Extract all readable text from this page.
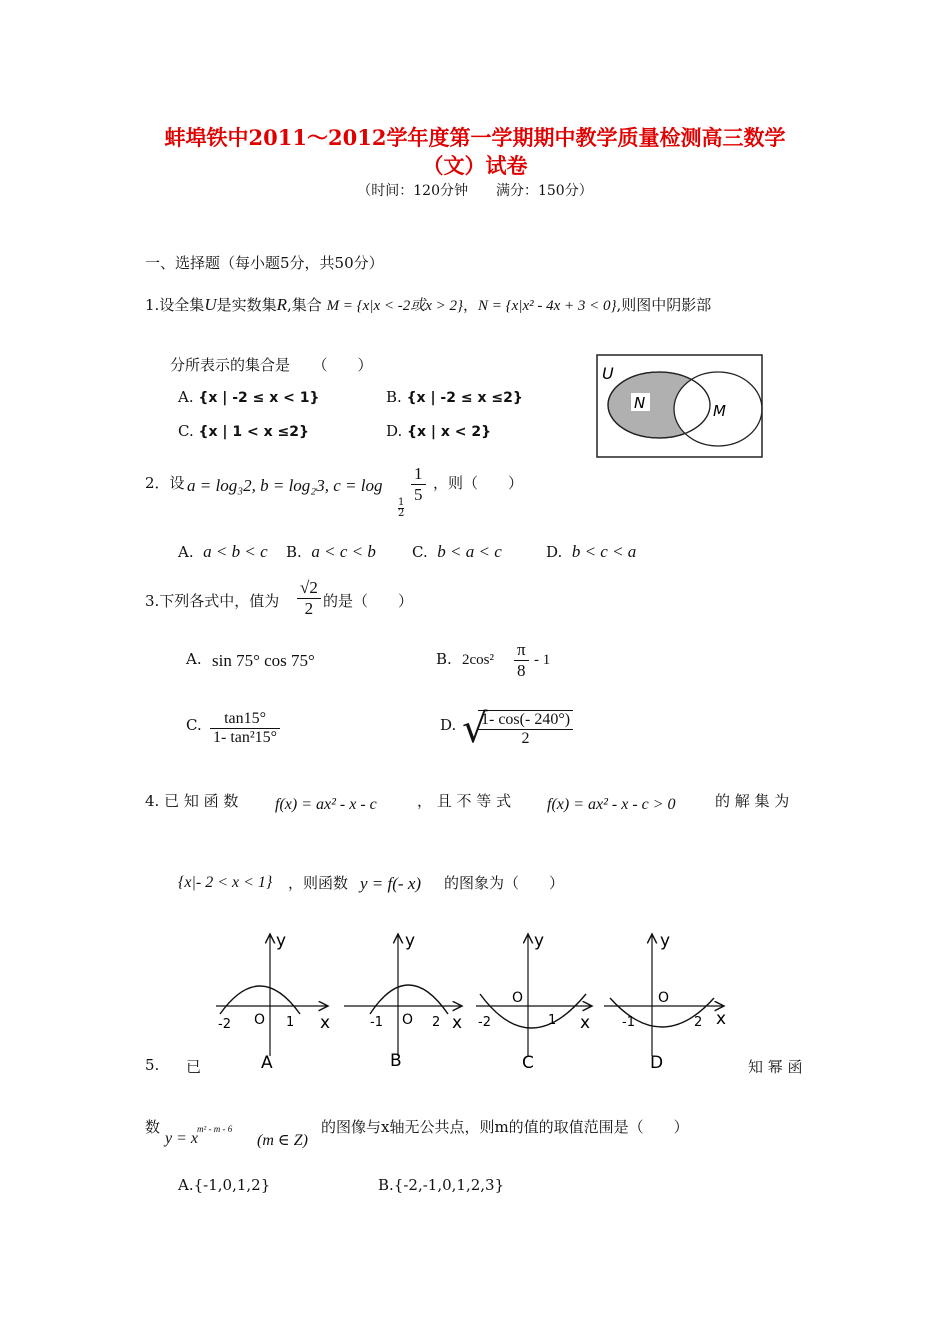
蚌埠铁中2011～2012学年度第一学期期中教学质量检测高三数学
（文）试卷
（时间：120分钟　　满分：150分）
一、选择题（每小题5分，共50分）
1.设全集U是实数集R,集合 M = {x|x < -2或x > 2}，N = {x|x² - 4x + 3 < 0},则图中阴影部
分所表示的集合是　　（　　）
A. {x | -2 ≤ x < 1}	B. {x | -2 ≤ x ≤2}
C. {x | 1 < x ≤2}	D. {x | x < 2}
U
N	M
2．设 a = log₃2, b = log₂3, c = log
1
2
$\frac{1}{5}$ ，则（　　）
A. a < b < c B. a < c < b C. b < a < c	D. b < c < a
3.下列各式中，值为 $\frac{√2}{2}$ 的是（　　）
A. sin 75° cos 75°	B. $2\cos^2 \frac{\pi}{8} - 1$
C. $\frac{\tan 15^\circ}{\text{1- tan²15°}}$	D. √
$\frac{1- \cos(- 240^\circ)}{2}$
4. 已 知 函 数 f(x) = ax² - x - c	， 且 不 等 式 f(x) = ax² - x - c > 0	的 解 集 为
{x|- 2 < x < 1} ，则函数 y = f(- x) 的图象为（　　）
y
x
-2 O 1
A
y
x
-1 O 2
B
y
x
-2
O
1
C
y
x
-1
O
2
D
5. 已	知 幂 函
数
y = x
m² - m - 6
(m ∈ Z)
的图像与x轴无公共点，则m的值的取值范围是（　　）
A.{-1,0,1,2}	B.{-2,-1,0,1,2,3}
